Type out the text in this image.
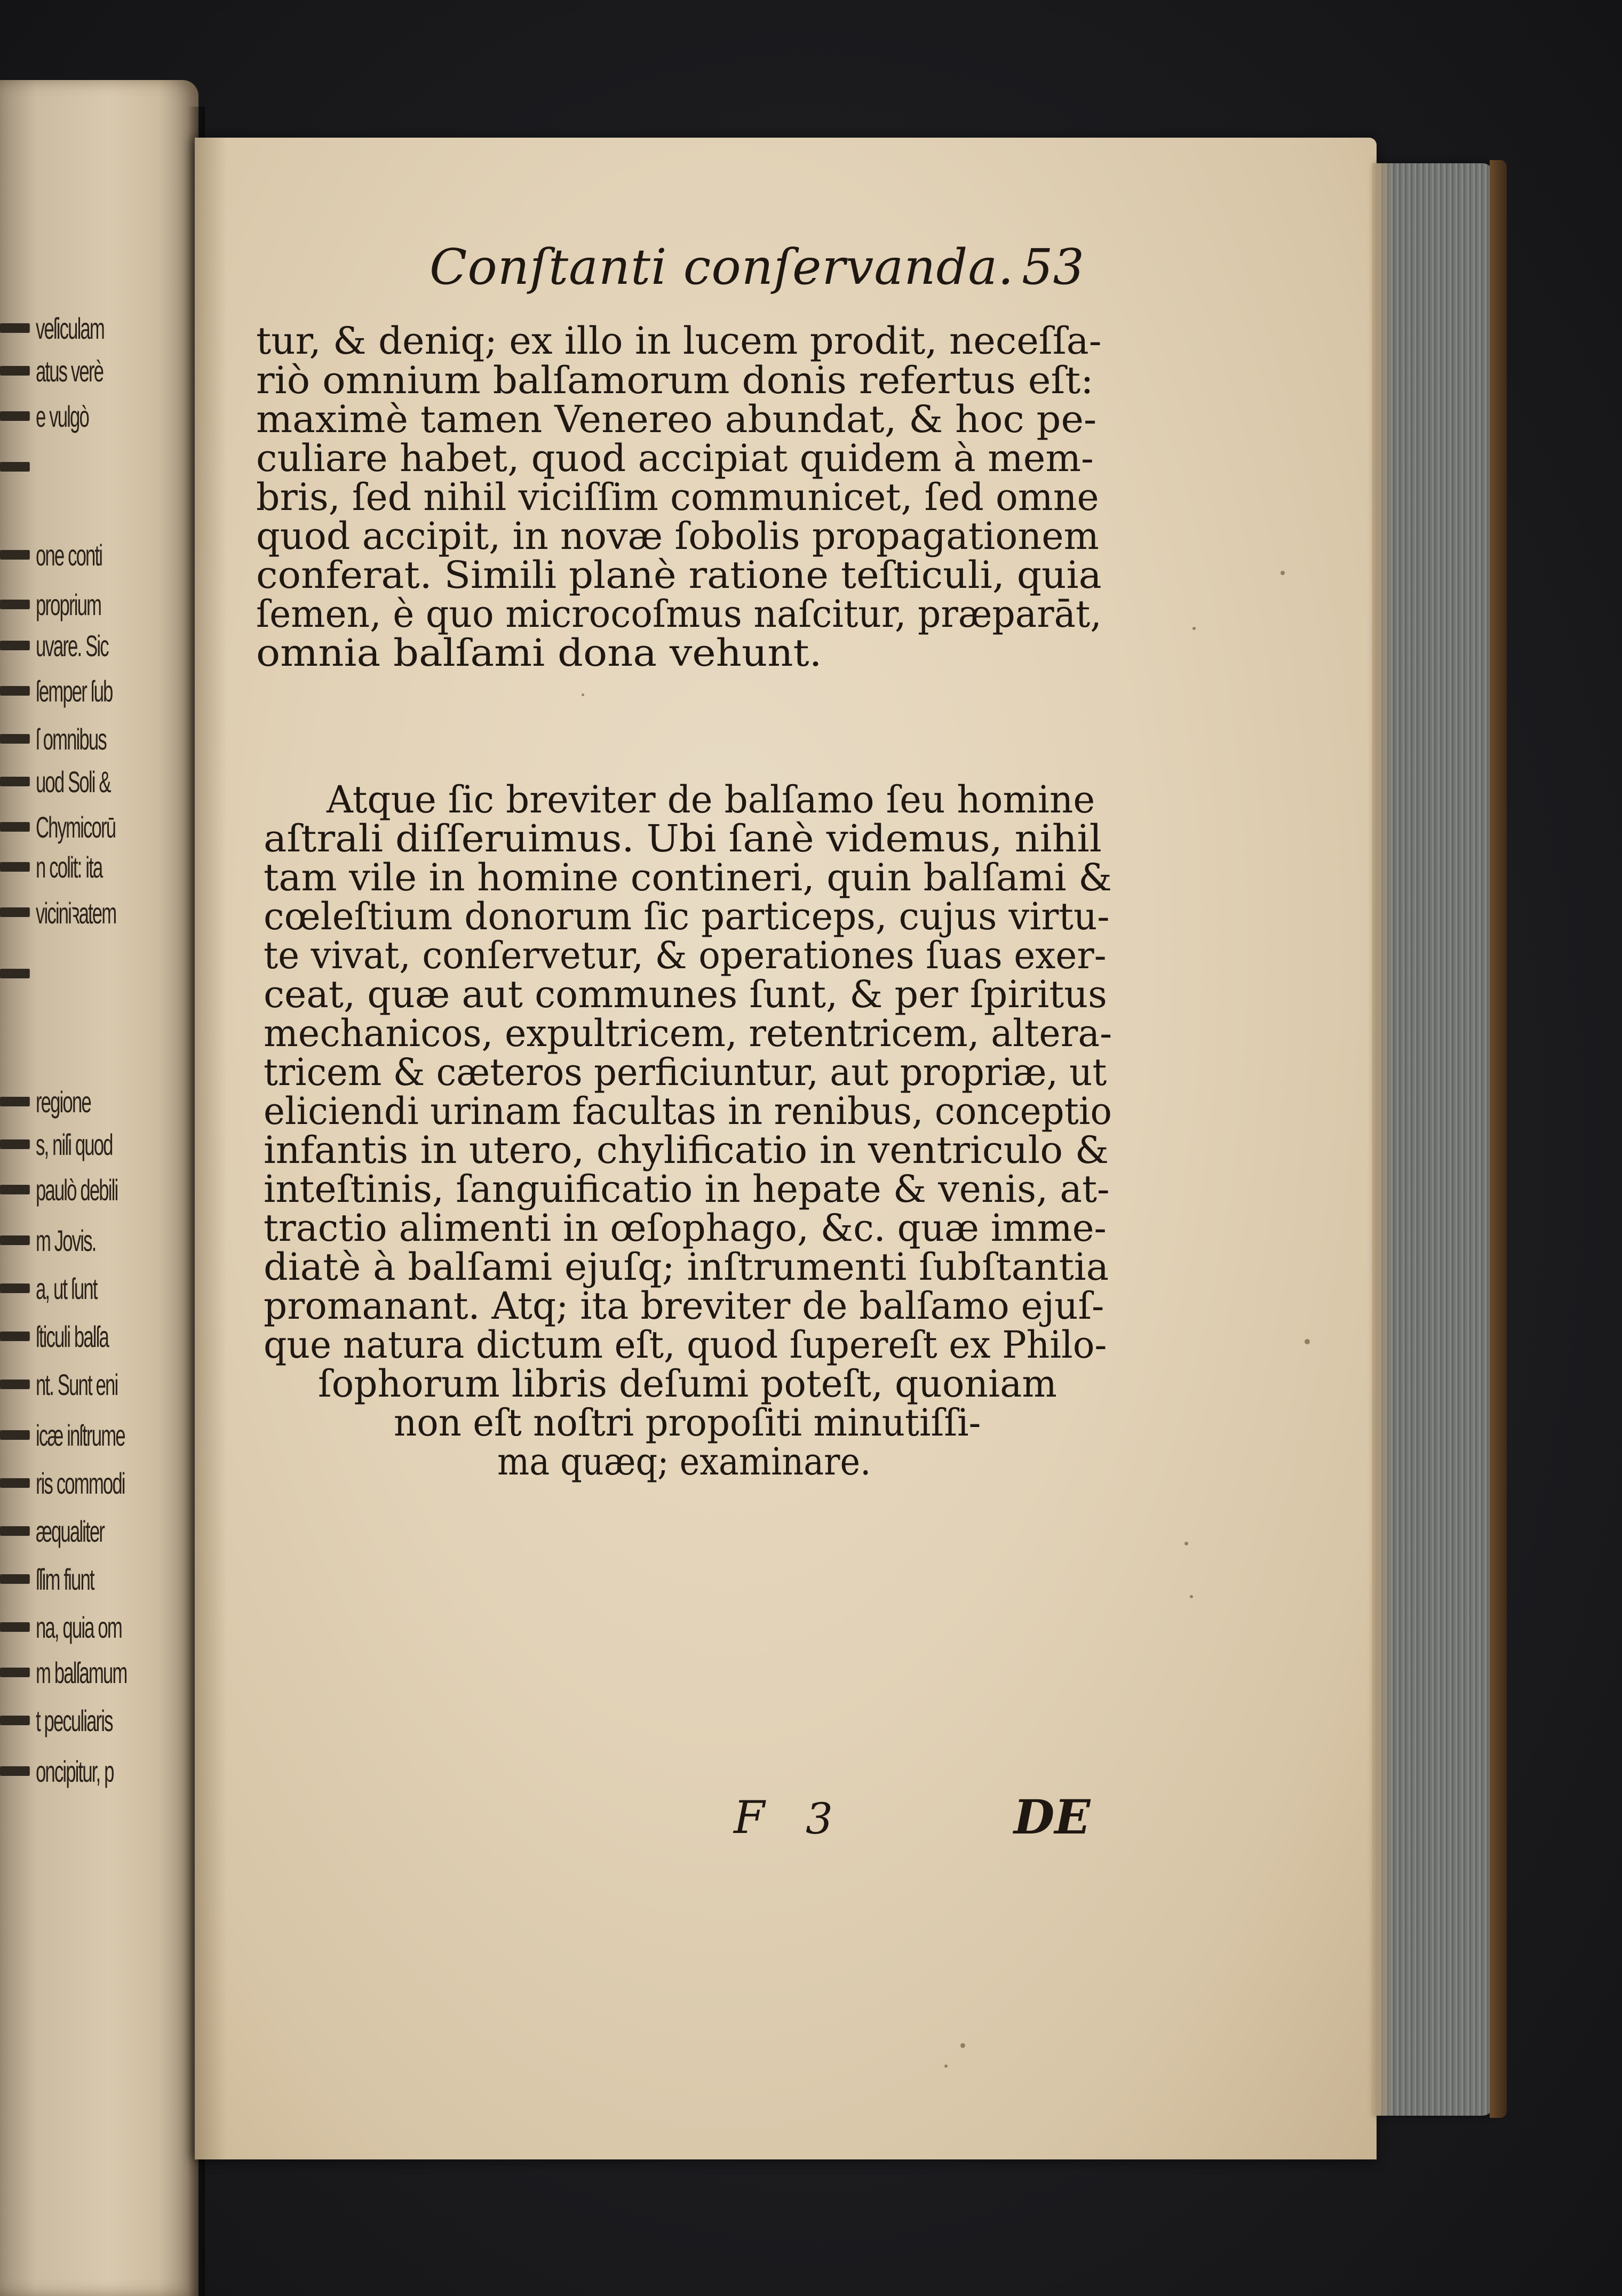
veſiculam
atus verè
e vulgò
one conti
proprium
uvare. Sic
ſemper ſub
ſ omnibus
uod Soli &
Chymicorū
n colit: ita
viciniꝛatem
regione
s, niſi quod
paulò debili
m Jovis.
a, ut ſunt
ſticuli balſa
nt. Sunt eni
icæ inſtrume
ris commodi
æqualiter
ſſim fiunt
na, quia om
m balſamum
t peculiaris
oncipitur, p
Conſtanti conſervanda. 53
tur, & deniq; ex illo in lucem prodit, neceſſa-
riò omnium balſamorum donis refertus eſt:
maximè tamen Venereo abundat, & hoc pe-
culiare habet, quod accipiat quidem à mem-
bris, ſed nihil viciſſim communicet, ſed omne
quod accipit, in novæ ſobolis propagationem
conferat. Simili planè ratione teſticuli, quia
ſemen, è quo microcoſmus naſcitur, præparāt,
omnia balſami dona vehunt.
Atque ſic breviter de balſamo ſeu homine
aſtrali diſſeruimus. Ubi ſanè videmus, nihil
tam vile in homine contineri, quin balſami &
cœleſtium donorum ſic particeps, cujus virtu-
te vivat, conſervetur, & operationes ſuas exer-
ceat, quæ aut communes ſunt, & per ſpiritus
mechanicos, expultricem, retentricem, altera-
tricem & cæteros perficiuntur, aut propriæ, ut
eliciendi urinam facultas in renibus, conceptio
infantis in utero, chylificatio in ventriculo &
inteſtinis, ſanguificatio in hepate & venis, at-
tractio alimenti in œſophago, &c. quæ imme-
diatè à balſami ejuſq; inſtrumenti ſubſtantia
promanant. Atq; ita breviter de balſamo ejuſ-
que natura dictum eſt, quod ſupereſt ex Philo-
ſophorum libris deſumi poteſt, quoniam
non eſt noſtri propoſiti minutiſſi-
ma quæq; examinare.
F 3	DE
